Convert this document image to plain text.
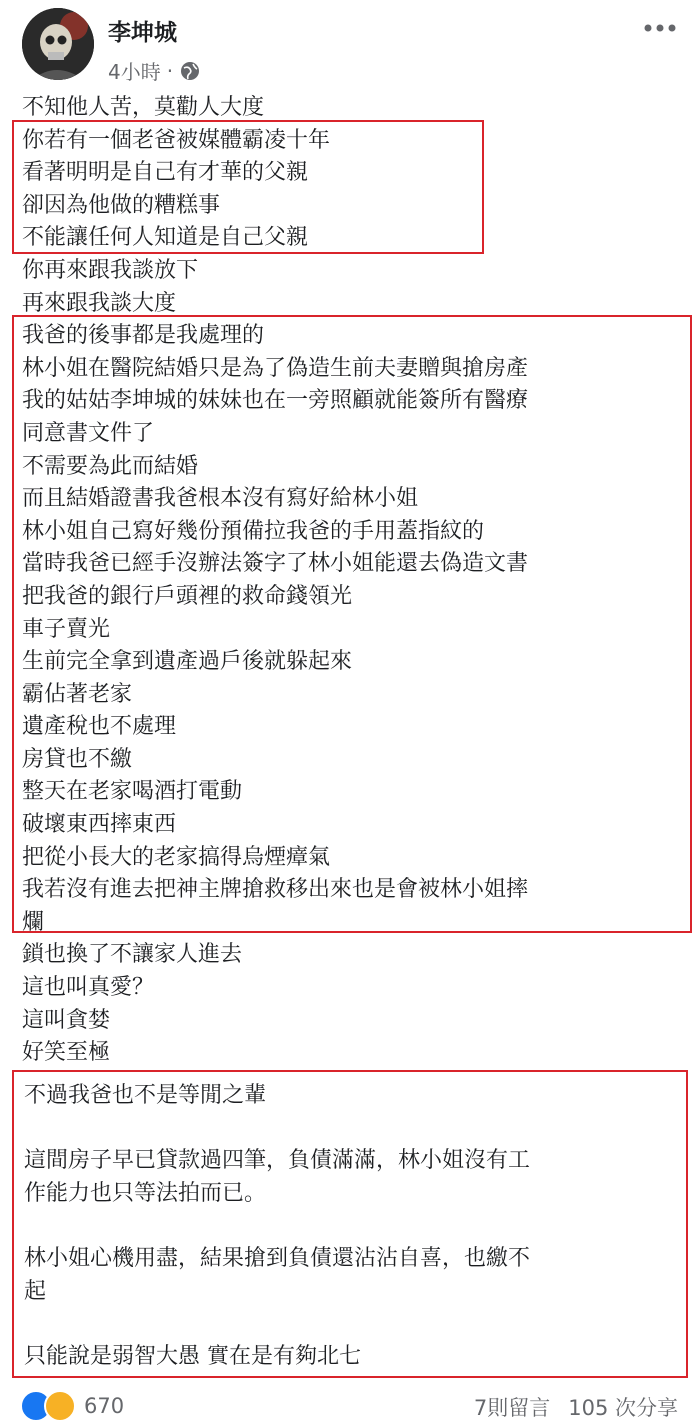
李坤城
4小時 ·
不知他人苦，莫勸人大度
你若有一個老爸被媒體霸凌十年
看著明明是自己有才華的父親
卻因為他做的糟糕事
不能讓任何人知道是自己父親
你再來跟我談放下
再來跟我談大度
我爸的後事都是我處理的
林小姐在醫院結婚只是為了偽造生前夫妻贈與搶房產
我的姑姑李坤城的妹妹也在一旁照顧就能簽所有醫療
同意書文件了
不需要為此而結婚
而且結婚證書我爸根本沒有寫好給林小姐
林小姐自己寫好幾份預備拉我爸的手用蓋指紋的
當時我爸已經手沒辦法簽字了林小姐能還去偽造文書
把我爸的銀行戶頭裡的救命錢領光
車子賣光
生前完全拿到遺產過戶後就躲起來
霸佔著老家
遺產稅也不處理
房貸也不繳
整天在老家喝酒打電動
破壞東西摔東西
把從小長大的老家搞得烏煙瘴氣
我若沒有進去把神主牌搶救移出來也是會被林小姐摔
爛
鎖也換了不讓家人進去
這也叫真愛？
這叫貪婪
好笑至極
不過我爸也不是等閒之輩
這間房子早已貸款過四筆，負債滿滿，林小姐沒有工
作能力也只等法拍而已。
林小姐心機用盡，結果搶到負債還沾沾自喜，也繳不
起
只能說是弱智大愚 實在是有夠北七
670	7則留言 105 次分享
